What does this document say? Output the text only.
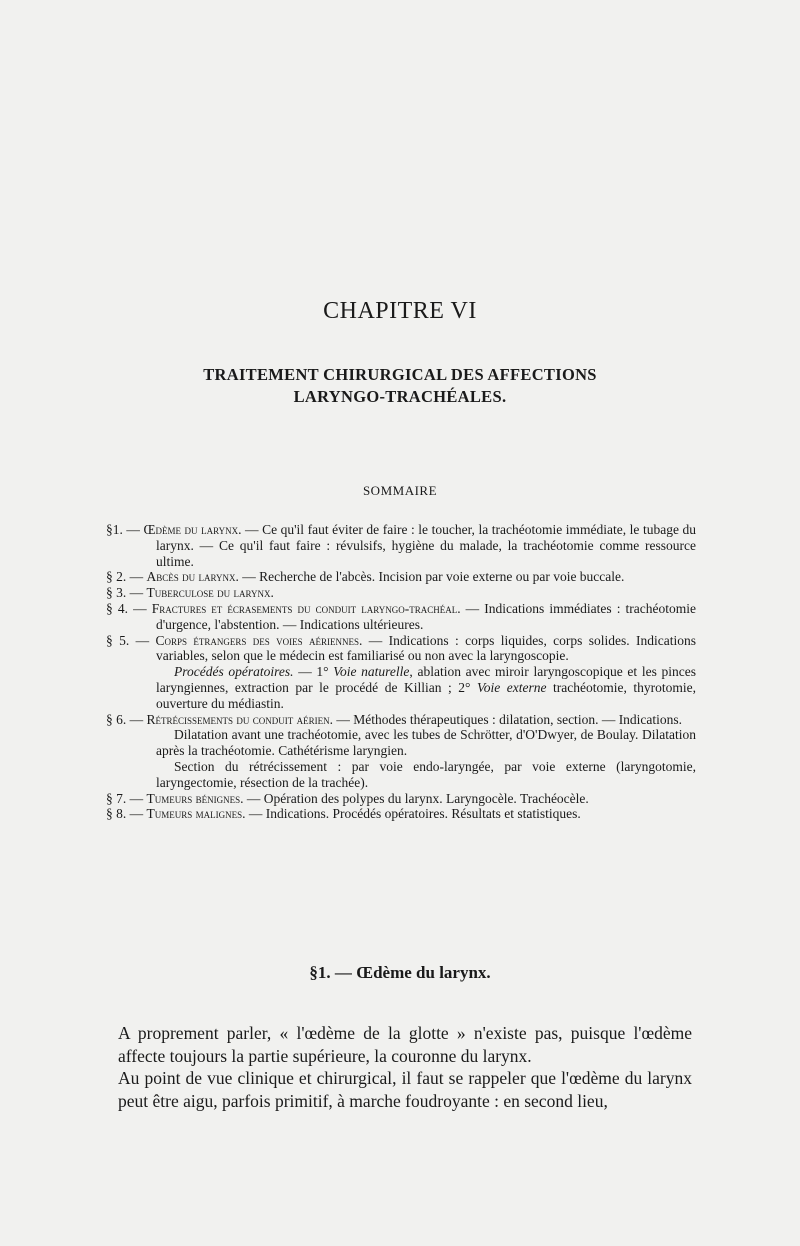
CHAPITRE VI
TRAITEMENT CHIRURGICAL DES AFFECTIONS
LARYNGO-TRACHÉALES.
SOMMAIRE

§1. — Œdème du larynx. — Ce qu'il faut éviter de faire : le toucher, la trachéotomie immédiate, le tubage du larynx. — Ce qu'il faut faire : révulsifs, hygiène du malade, la trachéotomie comme ressource ultime.

§ 2. — Abcès du larynx. — Recherche de l'abcès. Incision par voie externe ou par voie buccale.

§ 3. — Tuberculose du larynx.

§ 4. — Fractures et écrasements du conduit laryngo-trachéal. — Indications immédiates : trachéotomie d'urgence, l'abstention. — Indications ultérieures.

§ 5. — Corps étrangers des voies aériennes. — Indications : corps liquides, corps solides. Indications variables, selon que le médecin est familiarisé ou non avec la laryngoscopie.

Procédés opératoires. — 1° Voie naturelle, ablation avec miroir laryngoscopique et les pinces laryngiennes, extraction par le procédé de Killian ; 2° Voie externe trachéotomie, thyrotomie, ouverture du médiastin.

§ 6. — Rétrécissements du conduit aérien. — Méthodes thérapeutiques : dilatation, section. — Indications.

Dilatation avant une trachéotomie, avec les tubes de Schrötter, d'O'Dwyer, de Boulay. Dilatation après la trachéotomie. Cathétérisme laryngien.

Section du rétrécissement : par voie endo-laryngée, par voie externe (laryngotomie, laryngectomie, résection de la trachée).

§ 7. — Tumeurs bénignes. — Opération des polypes du larynx. Laryngocèle. Trachéocèle.

§ 8. — Tumeurs malignes. — Indications. Procédés opératoires. Résultats et statistiques.

§1. — Œdème du larynx.

A proprement parler, « l'œdème de la glotte » n'existe pas, puisque l'œdème affecte toujours la partie supérieure, la couronne du larynx.

Au point de vue clinique et chirurgical, il faut se rappeler que l'œdème du larynx peut être aigu, parfois primitif, à marche foudroyante : en second lieu,
